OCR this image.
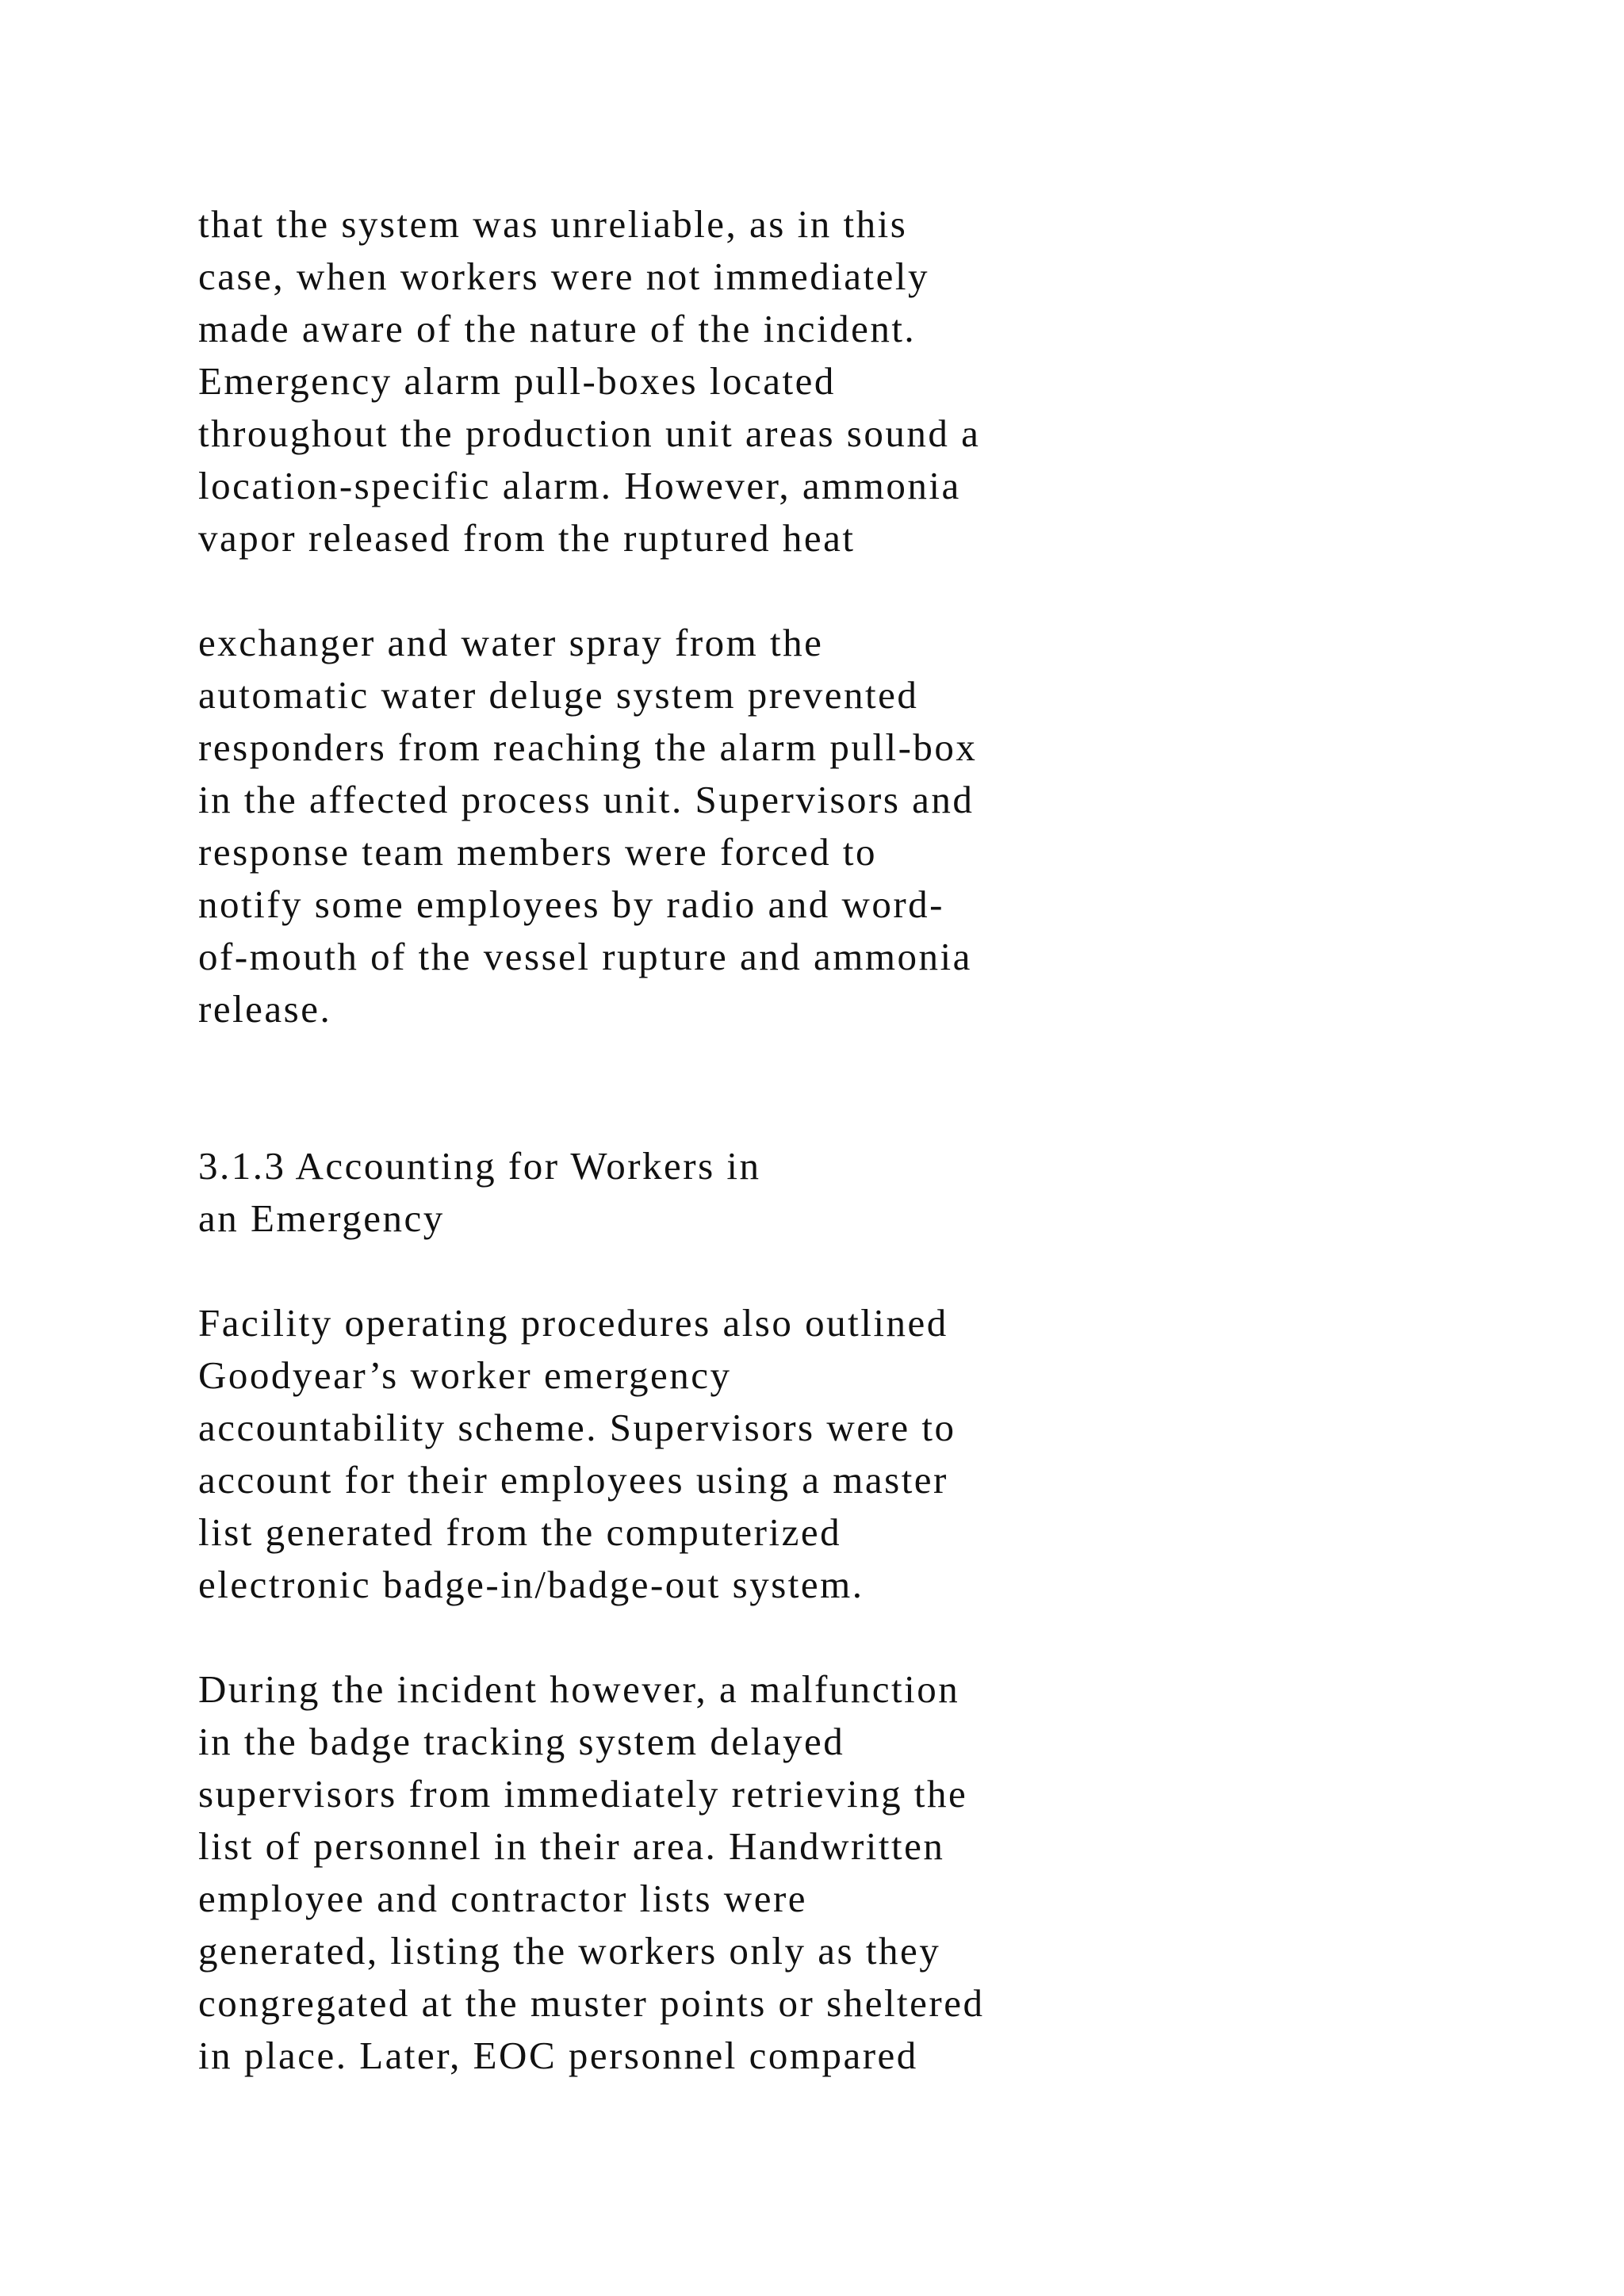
that the system was unreliable, as in this
case, when workers were not immediately
made aware of the nature of the incident.
Emergency alarm pull-boxes located
throughout the production unit areas sound a
location-specific alarm. However, ammonia
vapor released from the ruptured heat

exchanger and water spray from the
automatic water deluge system prevented
responders from reaching the alarm pull-box
in the affected process unit. Supervisors and
response team members were forced to
notify some employees by radio and word-
of-mouth of the vessel rupture and ammonia
release.

3.1.3 Accounting for Workers in
an Emergency

Facility operating procedures also outlined
Goodyear’s worker emergency
accountability scheme. Supervisors were to
account for their employees using a master
list generated from the computerized
electronic badge-in/badge-out system.

During the incident however, a malfunction
in the badge tracking system delayed
supervisors from immediately retrieving the
list of personnel in their area. Handwritten
employee and contractor lists were
generated, listing the workers only as they
congregated at the muster points or sheltered
in place. Later, EOC personnel compared
